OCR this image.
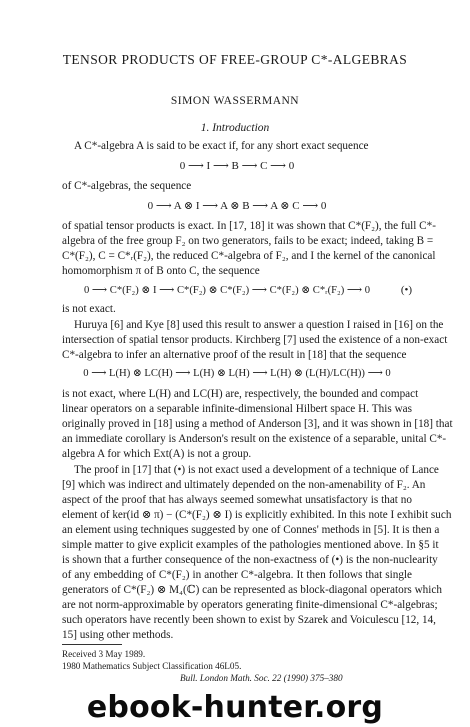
TENSOR PRODUCTS OF FREE-GROUP C*-ALGEBRAS
SIMON WASSERMANN
1. Introduction
A C*-algebra A is said to be exact if, for any short exact sequence
0 ⟶ I ⟶ B ⟶ C ⟶ 0
of C*-algebras, the sequence
0 ⟶ A ⊗ I ⟶ A ⊗ B ⟶ A ⊗ C ⟶ 0
of spatial tensor products is exact. In [17, 18] it was shown that C*(F₂), the full C*-
algebra of the free group F₂ on two generators, fails to be exact; indeed, taking B =
C*(F₂), C = C*ᵣ(F₂), the reduced C*-algebra of F₂, and I the kernel of the canonical
homomorphism π of B onto C, the sequence
0 ⟶ C*(F₂) ⊗ I ⟶ C*(F₂) ⊗ C*(F₂) ⟶ C*(F₂) ⊗ C*ᵣ(F₂) ⟶ 0	(•)
is not exact.
Huruya [6] and Kye [8] used this result to answer a question I raised in [16] on the
intersection of spatial tensor products. Kirchberg [7] used the existence of a non-exact
C*-algebra to infer an alternative proof of the result in [18] that the sequence
0 ⟶ L(H) ⊗ LC(H) ⟶ L(H) ⊗ L(H) ⟶ L(H) ⊗ (L(H)/LC(H)) ⟶ 0
is not exact, where L(H) and LC(H) are, respectively, the bounded and compact
linear operators on a separable infinite-dimensional Hilbert space H. This was
originally proved in [18] using a method of Anderson [3], and it was shown in [18] that
an immediate corollary is Anderson's result on the existence of a separable, unital C*-
algebra A for which Ext(A) is not a group.
The proof in [17] that (•) is not exact used a development of a technique of Lance
[9] which was indirect and ultimately depended on the non-amenability of F₂. An
aspect of the proof that has always seemed somewhat unsatisfactory is that no
element of ker(id ⊗ π) − (C*(F₂) ⊗ I) is explicitly exhibited. In this note I exhibit such
an element using techniques suggested by one of Connes' methods in [5]. It is then a
simple matter to give explicit examples of the pathologies mentioned above. In §5 it
is shown that a further consequence of the non-exactness of (•) is the non-nuclearity
of any embedding of C*(F₂) in another C*-algebra. It then follows that single
generators of C*(F₂) ⊗ M₄(ℂ) can be represented as block-diagonal operators which
are not norm-approximable by operators generating finite-dimensional C*-algebras;
such operators have recently been shown to exist by Szarek and Voiculescu [12, 14,
15] using other methods.
Received 3 May 1989.
1980 Mathematics Subject Classification 46L05.
Bull. London Math. Soc. 22 (1990) 375–380
ebook-hunter.org
